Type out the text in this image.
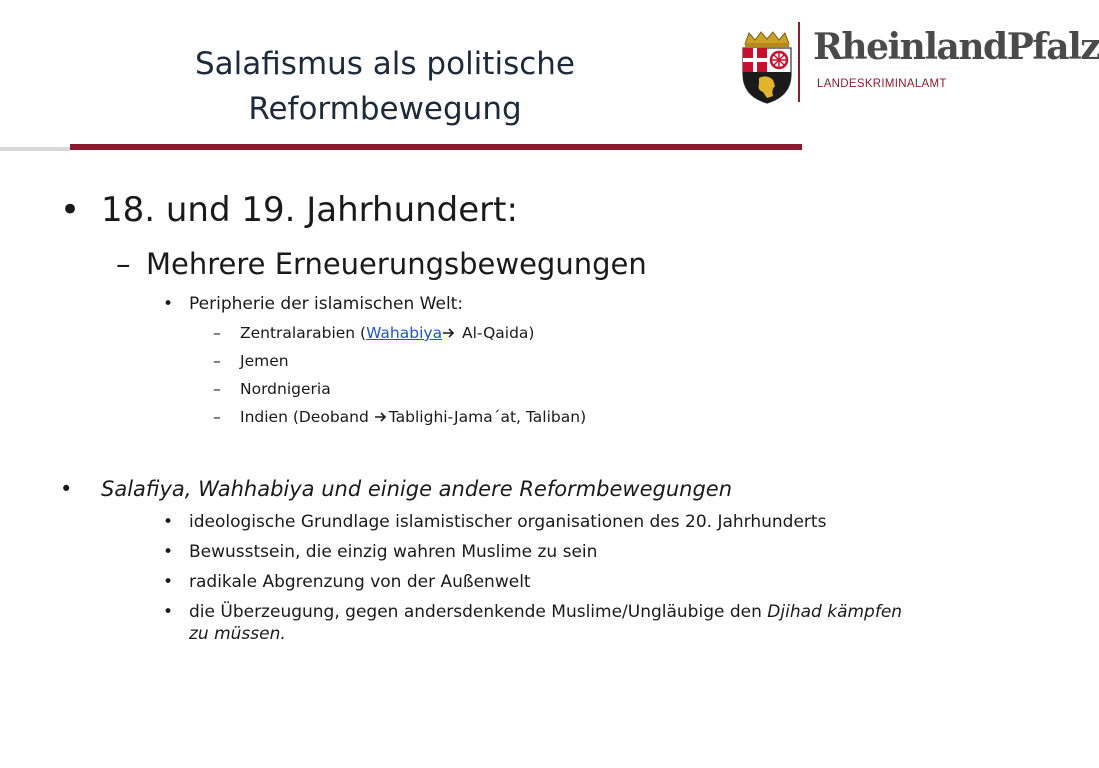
Salafismus als politische
Reformbewegung
RheinlandPfalz
LANDESKRIMINALAMT
• 18. und 19. Jahrhundert:
– Mehrere Erneuerungsbewegungen
• Peripherie der islamischen Welt:
– Zentralarabien (Wahabiya Al-Qaida)
– Jemen
– Nordnigeria
– Indien (Deoband Tablighi-Jama´at, Taliban)
• Salafiya, Wahhabiya und einige andere Reformbewegungen
• ideologische Grundlage islamistischer organisationen des 20. Jahrhunderts
• Bewusstsein, die einzig wahren Muslime zu sein
• radikale Abgrenzung von der Außenwelt
• die Überzeugung, gegen andersdenkende Muslime/Ungläubige den Djihad kämpfen
zu müssen.
